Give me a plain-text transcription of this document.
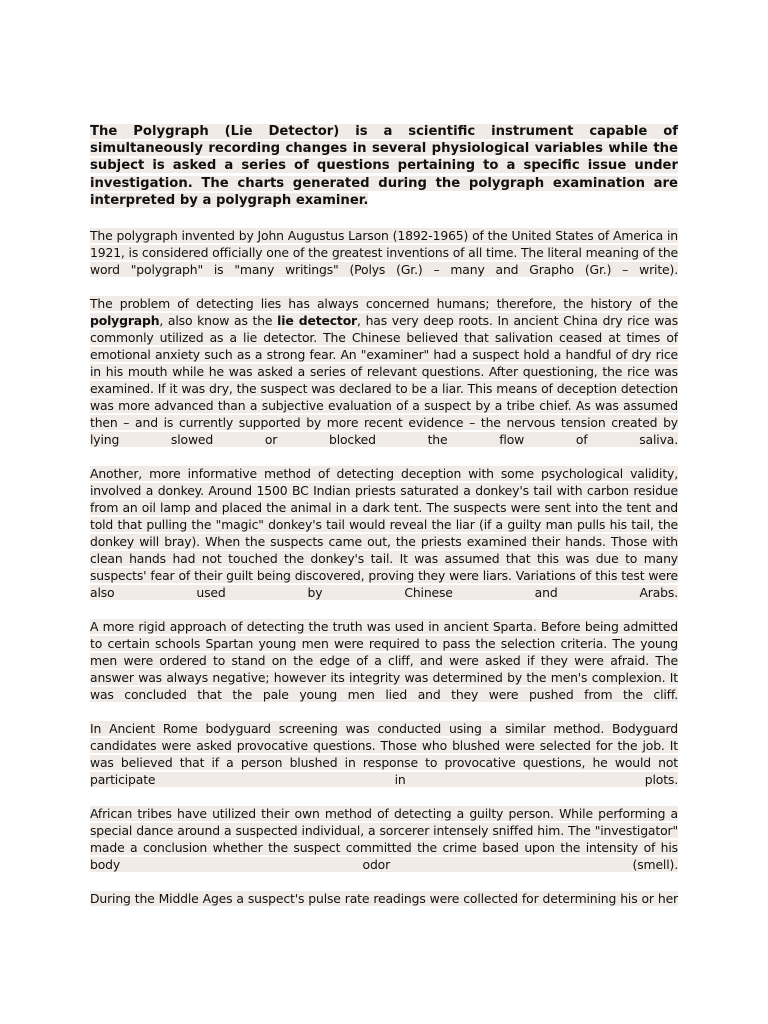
The Polygraph (Lie Detector) is a scientific instrument capable of simultaneously recording changes in several physiological variables while the subject is asked a series of questions pertaining to a specific issue under investigation. The charts generated during the polygraph examination are interpreted by a polygraph examiner.

The polygraph invented by John Augustus Larson (1892-1965) of the United States of America in 1921, is considered officially one of the greatest inventions of all time. The literal meaning of the word "polygraph" is "many writings" (Polys (Gr.) – many and Grapho (Gr.) – write).

The problem of detecting lies has always concerned humans; therefore, the history of the polygraph, also know as the lie detector, has very deep roots. In ancient China dry rice was commonly utilized as a lie detector. The Chinese believed that salivation ceased at times of emotional anxiety such as a strong fear. An "examiner" had a suspect hold a handful of dry rice in his mouth while he was asked a series of relevant questions. After questioning, the rice was examined. If it was dry, the suspect was declared to be a liar. This means of deception detection was more advanced than a subjective evaluation of a suspect by a tribe chief. As was assumed then – and is currently supported by more recent evidence – the nervous tension created by lying slowed or blocked the flow of saliva.

Another, more informative method of detecting deception with some psychological validity, involved a donkey. Around 1500 BC Indian priests saturated a donkey's tail with carbon residue from an oil lamp and placed the animal in a dark tent. The suspects were sent into the tent and told that pulling the "magic" donkey's tail would reveal the liar (if a guilty man pulls his tail, the donkey will bray). When the suspects came out, the priests examined their hands. Those with clean hands had not touched the donkey's tail. It was assumed that this was due to many suspects' fear of their guilt being discovered, proving they were liars. Variations of this test were also used by Chinese and Arabs.

A more rigid approach of detecting the truth was used in ancient Sparta. Before being admitted to certain schools Spartan young men were required to pass the selection criteria. The young men were ordered to stand on the edge of a cliff, and were asked if they were afraid. The answer was always negative; however its integrity was determined by the men's complexion. It was concluded that the pale young men lied and they were pushed from the cliff.

In Ancient Rome bodyguard screening was conducted using a similar method. Bodyguard candidates were asked provocative questions. Those who blushed were selected for the job. It was believed that if a person blushed in response to provocative questions, he would not participate in plots.

African tribes have utilized their own method of detecting a guilty person. While performing a special dance around a suspected individual, a sorcerer intensely sniffed him. The "investigator" made a conclusion whether the suspect committed the crime based upon the intensity of his body odor (smell).

During the Middle Ages a suspect's pulse rate readings were collected for determining his or her
